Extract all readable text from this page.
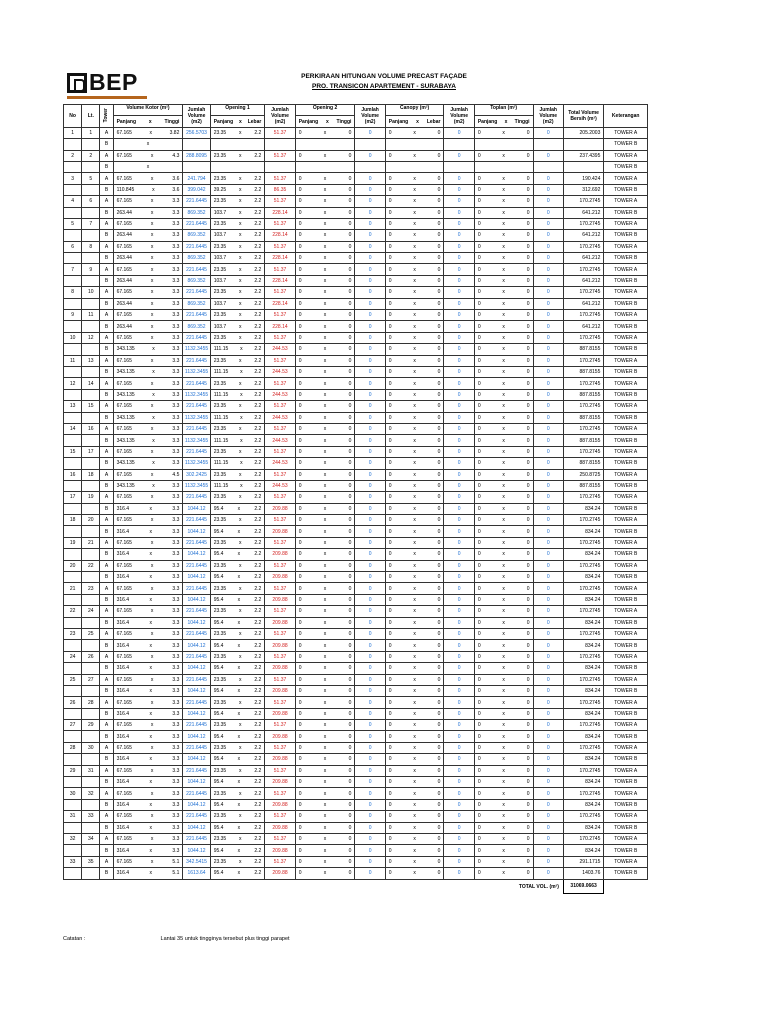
BEP	PERKIRAAN HITUNGAN VOLUME PRECAST FAÇADE
PRO. TRANSICON APARTEMENT - SURABAYA
No	Lt.	Tower	Volume Kotor (m²)	Jumlah Volume (m2)	Opening 1	Jumlah Volume (m2)	Opening 2	Jumlah Volume (m2)	Canopy (m²)	Jumlah Volume (m2)	Toplan (m²)	Jumlah Volume (m2)	Total Volume Bersih (m²)	Keterangan

			Panjang x Tinggi		Panjang x Lebar		Panjang x Tinggi		Panjang x Lebar		Panjang x Tinggi			

1	1	A	67.165 x 3.82	256.5703	23.35 x 2.2	51.37	0 x 0	0	0 x 0	0	0 x 0	0	205.2003	TOWER A
		B	x											TOWER B
2	2	A	67.165 x 4.3	288.8095	23.35 x 2.2	51.37	0 x 0	0	0 x 0	0	0 x 0	0	237.4395	TOWER A
		B	x											TOWER B
3	5	A	67.165 x 3.6	241.794	23.35 x 2.2	51.37	0 x 0	0	0 x 0	0	0 x 0	0	190.424	TOWER A
		B	110.845 x 3.6	399.042	39.25 x 2.2	86.35	0 x 0	0	0 x 0	0	0 x 0	0	312.692	TOWER B
4	6	A	67.165 x 3.3	221.6445	23.35 x 2.2	51.37	0 x 0	0	0 x 0	0	0 x 0	0	170.2745	TOWER A
		B	263.44 x 3.3	869.352	103.7 x 2.2	228.14	0 x 0	0	0 x 0	0	0 x 0	0	641.212	TOWER B
5	7	A	67.165 x 3.3	221.6445	23.35 x 2.2	51.37	0 x 0	0	0 x 0	0	0 x 0	0	170.2745	TOWER A
		B	263.44 x 3.3	869.352	103.7 x 2.2	228.14	0 x 0	0	0 x 0	0	0 x 0	0	641.212	TOWER B
6	8	A	67.165 x 3.3	221.6445	23.35 x 2.2	51.37	0 x 0	0	0 x 0	0	0 x 0	0	170.2745	TOWER A
		B	263.44 x 3.3	869.352	103.7 x 2.2	228.14	0 x 0	0	0 x 0	0	0 x 0	0	641.212	TOWER B
7	9	A	67.165 x 3.3	221.6445	23.35 x 2.2	51.37	0 x 0	0	0 x 0	0	0 x 0	0	170.2745	TOWER A
		B	263.44 x 3.3	869.352	103.7 x 2.2	228.14	0 x 0	0	0 x 0	0	0 x 0	0	641.212	TOWER B
8	10	A	67.165 x 3.3	221.6445	23.35 x 2.2	51.37	0 x 0	0	0 x 0	0	0 x 0	0	170.2745	TOWER A
		B	263.44 x 3.3	869.352	103.7 x 2.2	228.14	0 x 0	0	0 x 0	0	0 x 0	0	641.212	TOWER B
9	11	A	67.165 x 3.3	221.6445	23.35 x 2.2	51.37	0 x 0	0	0 x 0	0	0 x 0	0	170.2745	TOWER A
		B	263.44 x 3.3	869.352	103.7 x 2.2	228.14	0 x 0	0	0 x 0	0	0 x 0	0	641.212	TOWER B
10	12	A	67.165 x 3.3	221.6445	23.35 x 2.2	51.37	0 x 0	0	0 x 0	0	0 x 0	0	170.2745	TOWER A
		B	343.135 x 3.3	1132.3455	111.15 x 2.2	244.53	0 x 0	0	0 x 0	0	0 x 0	0	887.8155	TOWER B
11	13	A	67.165 x 3.3	221.6445	23.35 x 2.2	51.37	0 x 0	0	0 x 0	0	0 x 0	0	170.2745	TOWER A
		B	343.135 x 3.3	1132.3455	111.15 x 2.2	244.53	0 x 0	0	0 x 0	0	0 x 0	0	887.8155	TOWER B
12	14	A	67.165 x 3.3	221.6445	23.35 x 2.2	51.37	0 x 0	0	0 x 0	0	0 x 0	0	170.2745	TOWER A
		B	343.135 x 3.3	1132.3455	111.15 x 2.2	244.53	0 x 0	0	0 x 0	0	0 x 0	0	887.8155	TOWER B
13	15	A	67.165 x 3.3	221.6445	23.35 x 2.2	51.37	0 x 0	0	0 x 0	0	0 x 0	0	170.2745	TOWER A
		B	343.135 x 3.3	1132.3455	111.15 x 2.2	244.53	0 x 0	0	0 x 0	0	0 x 0	0	887.8155	TOWER B
14	16	A	67.165 x 3.3	221.6445	23.35 x 2.2	51.37	0 x 0	0	0 x 0	0	0 x 0	0	170.2745	TOWER A
		B	343.135 x 3.3	1132.3455	111.15 x 2.2	244.53	0 x 0	0	0 x 0	0	0 x 0	0	887.8155	TOWER B
15	17	A	67.165 x 3.3	221.6445	23.35 x 2.2	51.37	0 x 0	0	0 x 0	0	0 x 0	0	170.2745	TOWER A
		B	343.135 x 3.3	1132.3455	111.15 x 2.2	244.53	0 x 0	0	0 x 0	0	0 x 0	0	887.8155	TOWER B
16	18	A	67.165 x 4.5	302.2425	23.35 x 2.2	51.37	0 x 0	0	0 x 0	0	0 x 0	0	250.8725	TOWER A
		B	343.135 x 3.3	1132.3455	111.15 x 2.2	244.53	0 x 0	0	0 x 0	0	0 x 0	0	887.8155	TOWER B
17	19	A	67.165 x 3.3	221.6445	23.35 x 2.2	51.37	0 x 0	0	0 x 0	0	0 x 0	0	170.2745	TOWER A
		B	316.4 x 3.3	1044.12	95.4 x 2.2	209.88	0 x 0	0	0 x 0	0	0 x 0	0	834.24	TOWER B
18	20	A	67.165 x 3.3	221.6445	23.35 x 2.2	51.37	0 x 0	0	0 x 0	0	0 x 0	0	170.2745	TOWER A
		B	316.4 x 3.3	1044.12	95.4 x 2.2	209.88	0 x 0	0	0 x 0	0	0 x 0	0	834.24	TOWER B
19	21	A	67.165 x 3.3	221.6445	23.35 x 2.2	51.37	0 x 0	0	0 x 0	0	0 x 0	0	170.2745	TOWER A
		B	316.4 x 3.3	1044.12	95.4 x 2.2	209.88	0 x 0	0	0 x 0	0	0 x 0	0	834.24	TOWER B
20	22	A	67.165 x 3.3	221.6445	23.35 x 2.2	51.37	0 x 0	0	0 x 0	0	0 x 0	0	170.2745	TOWER A
		B	316.4 x 3.3	1044.12	95.4 x 2.2	209.88	0 x 0	0	0 x 0	0	0 x 0	0	834.24	TOWER B
21	23	A	67.165 x 3.3	221.6445	23.35 x 2.2	51.37	0 x 0	0	0 x 0	0	0 x 0	0	170.2745	TOWER A
		B	316.4 x 3.3	1044.12	95.4 x 2.2	209.88	0 x 0	0	0 x 0	0	0 x 0	0	834.24	TOWER B
22	24	A	67.165 x 3.3	221.6445	23.35 x 2.2	51.37	0 x 0	0	0 x 0	0	0 x 0	0	170.2745	TOWER A
		B	316.4 x 3.3	1044.12	95.4 x 2.2	209.88	0 x 0	0	0 x 0	0	0 x 0	0	834.24	TOWER B
23	25	A	67.165 x 3.3	221.6445	23.35 x 2.2	51.37	0 x 0	0	0 x 0	0	0 x 0	0	170.2745	TOWER A
		B	316.4 x 3.3	1044.12	95.4 x 2.2	209.88	0 x 0	0	0 x 0	0	0 x 0	0	834.24	TOWER B
24	26	A	67.165 x 3.3	221.6445	23.35 x 2.2	51.37	0 x 0	0	0 x 0	0	0 x 0	0	170.2745	TOWER A
		B	316.4 x 3.3	1044.12	95.4 x 2.2	209.88	0 x 0	0	0 x 0	0	0 x 0	0	834.24	TOWER B
25	27	A	67.165 x 3.3	221.6445	23.35 x 2.2	51.37	0 x 0	0	0 x 0	0	0 x 0	0	170.2745	TOWER A
		B	316.4 x 3.3	1044.12	95.4 x 2.2	209.88	0 x 0	0	0 x 0	0	0 x 0	0	834.24	TOWER B
26	28	A	67.165 x 3.3	221.6445	23.35 x 2.2	51.37	0 x 0	0	0 x 0	0	0 x 0	0	170.2745	TOWER A
		B	316.4 x 3.3	1044.12	95.4 x 2.2	209.88	0 x 0	0	0 x 0	0	0 x 0	0	834.24	TOWER B
27	29	A	67.165 x 3.3	221.6445	23.35 x 2.2	51.37	0 x 0	0	0 x 0	0	0 x 0	0	170.2745	TOWER A
		B	316.4 x 3.3	1044.12	95.4 x 2.2	209.88	0 x 0	0	0 x 0	0	0 x 0	0	834.24	TOWER B
28	30	A	67.165 x 3.3	221.6445	23.35 x 2.2	51.37	0 x 0	0	0 x 0	0	0 x 0	0	170.2745	TOWER A
		B	316.4 x 3.3	1044.12	95.4 x 2.2	209.88	0 x 0	0	0 x 0	0	0 x 0	0	834.24	TOWER B
29	31	A	67.165 x 3.3	221.6445	23.35 x 2.2	51.37	0 x 0	0	0 x 0	0	0 x 0	0	170.2745	TOWER A
		B	316.4 x 3.3	1044.12	95.4 x 2.2	209.88	0 x 0	0	0 x 0	0	0 x 0	0	834.24	TOWER B
30	32	A	67.165 x 3.3	221.6445	23.35 x 2.2	51.37	0 x 0	0	0 x 0	0	0 x 0	0	170.2745	TOWER A
		B	316.4 x 3.3	1044.12	95.4 x 2.2	209.88	0 x 0	0	0 x 0	0	0 x 0	0	834.24	TOWER B
31	33	A	67.165 x 3.3	221.6445	23.35 x 2.2	51.37	0 x 0	0	0 x 0	0	0 x 0	0	170.2745	TOWER A
		B	316.4 x 3.3	1044.12	95.4 x 2.2	209.88	0 x 0	0	0 x 0	0	0 x 0	0	834.24	TOWER B
32	34	A	67.165 x 3.3	221.6445	23.35 x 2.2	51.37	0 x 0	0	0 x 0	0	0 x 0	0	170.2745	TOWER A
		B	316.4 x 3.3	1044.12	95.4 x 2.2	209.88	0 x 0	0	0 x 0	0	0 x 0	0	834.24	TOWER B
33	35	A	67.165 x 5.1	342.5415	23.35 x 2.2	51.37	0 x 0	0	0 x 0	0	0 x 0	0	291.1715	TOWER A
		B	316.4 x 5.1	1613.64	95.4 x 2.2	209.88	0 x 0	0	0 x 0	0	0 x 0	0	1403.76	TOWER B
TOTAL VOL. (m²)													31069.0663	
Catatan :	Lantai 35 untuk tingginya tersebut plus tinggi parapet
